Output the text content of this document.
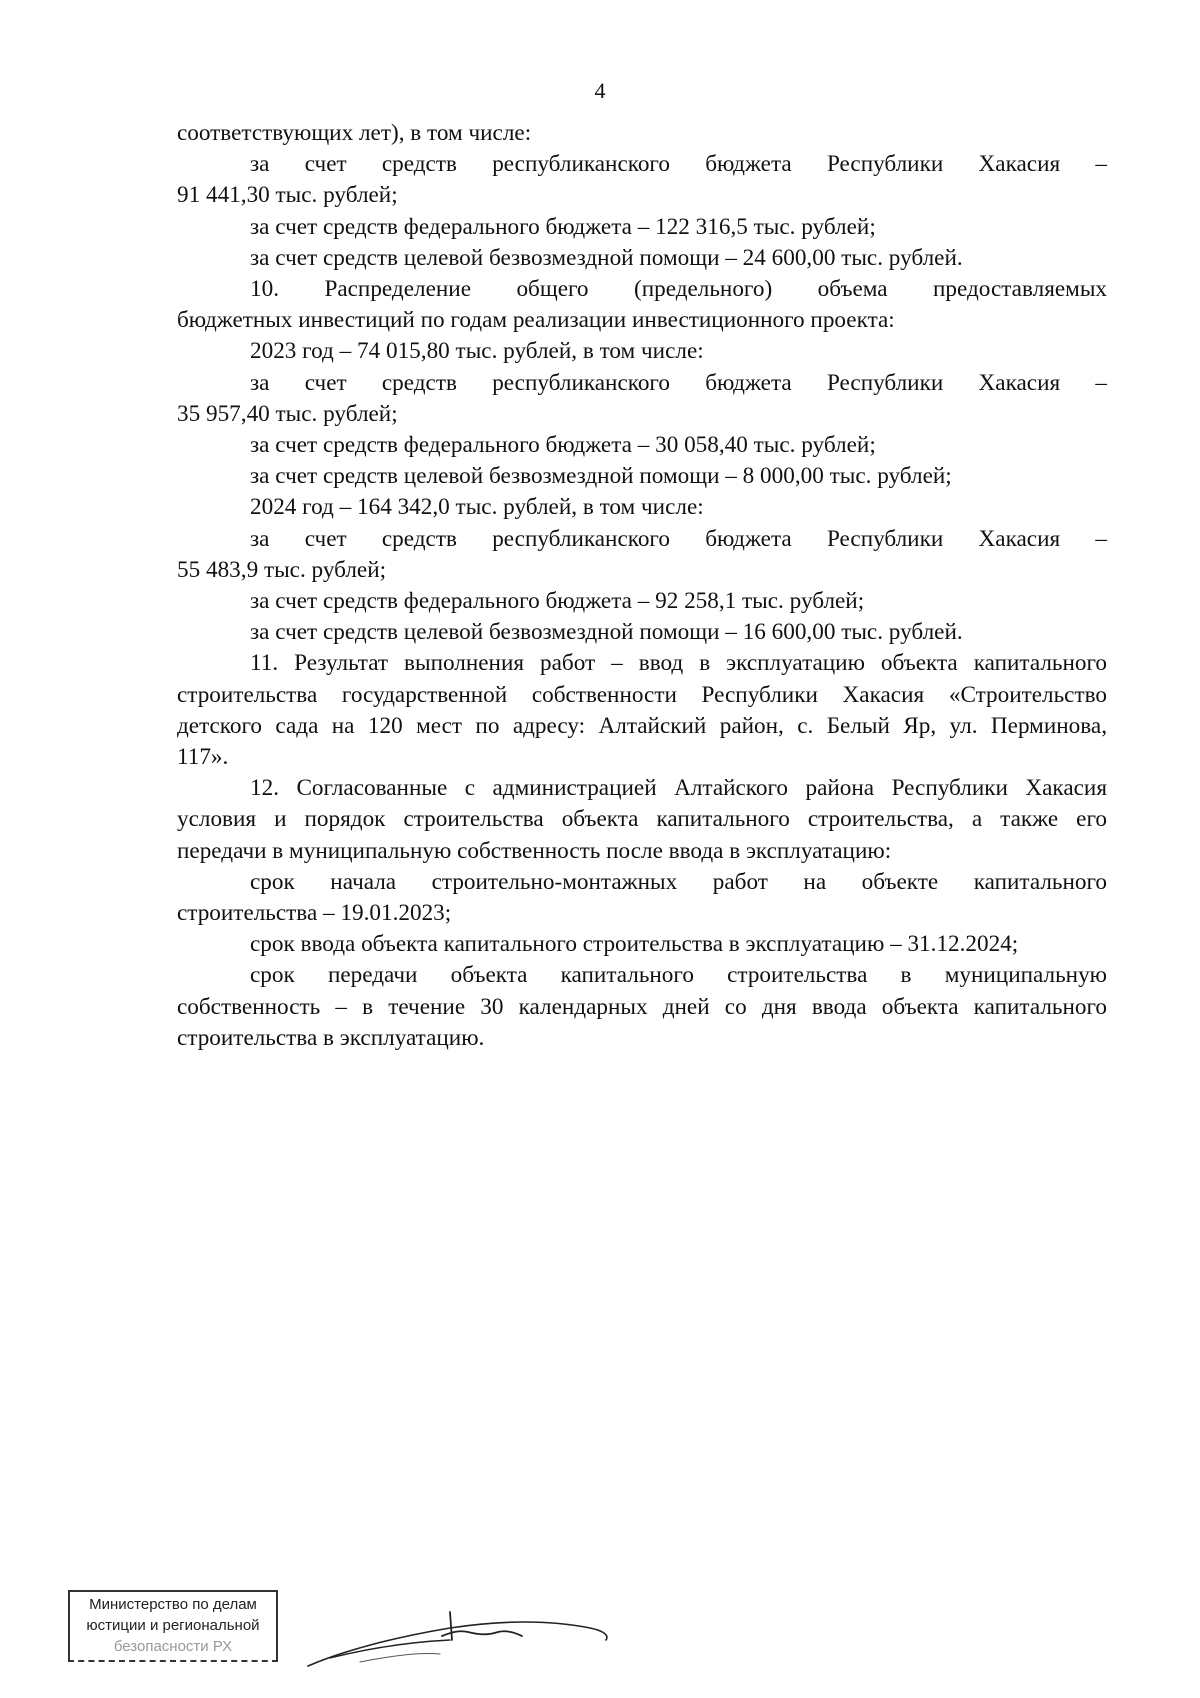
4

соответствующих лет), в том числе:

за счет средств республиканского бюджета Республики Хакасия –

91 441,30 тыс. рублей;

за счет средств федерального бюджета – 122 316,5 тыс. рублей;

за счет средств целевой безвозмездной помощи – 24 600,00 тыс. рублей.

10. Распределение общего (предельного) объема предоставляемых

бюджетных инвестиций по годам реализации инвестиционного проекта:

2023 год – 74 015,80 тыс. рублей, в том числе:

за счет средств республиканского бюджета Республики Хакасия –

35 957,40 тыс. рублей;

за счет средств федерального бюджета – 30 058,40 тыс. рублей;

за счет средств целевой безвозмездной помощи – 8 000,00 тыс. рублей;

2024 год – 164 342,0 тыс. рублей, в том числе:

за счет средств республиканского бюджета Республики Хакасия –

55 483,9 тыс. рублей;

за счет средств федерального бюджета – 92 258,1 тыс. рублей;

за счет средств целевой безвозмездной помощи – 16 600,00 тыс. рублей.

11. Результат выполнения работ – ввод в эксплуатацию объекта капитального

строительства государственной собственности Республики Хакасия «Строительство

детского сада на 120 мест по адресу: Алтайский район, с. Белый Яр, ул. Перминова,

117».

12. Согласованные с администрацией Алтайского района Республики Хакасия

условия и порядок строительства объекта капитального строительства, а также его

передачи в муниципальную собственность после ввода в эксплуатацию:

срок начала строительно-монтажных работ на объекте капитального

строительства – 19.01.2023;

срок ввода объекта капитального строительства в эксплуатацию – 31.12.2024;

срок передачи объекта капитального строительства в муниципальную

собственность – в течение 30 календарных дней со дня ввода объекта капитального

строительства в эксплуатацию.

Министерство по делам
юстиции и региональной
безопасности РХ
